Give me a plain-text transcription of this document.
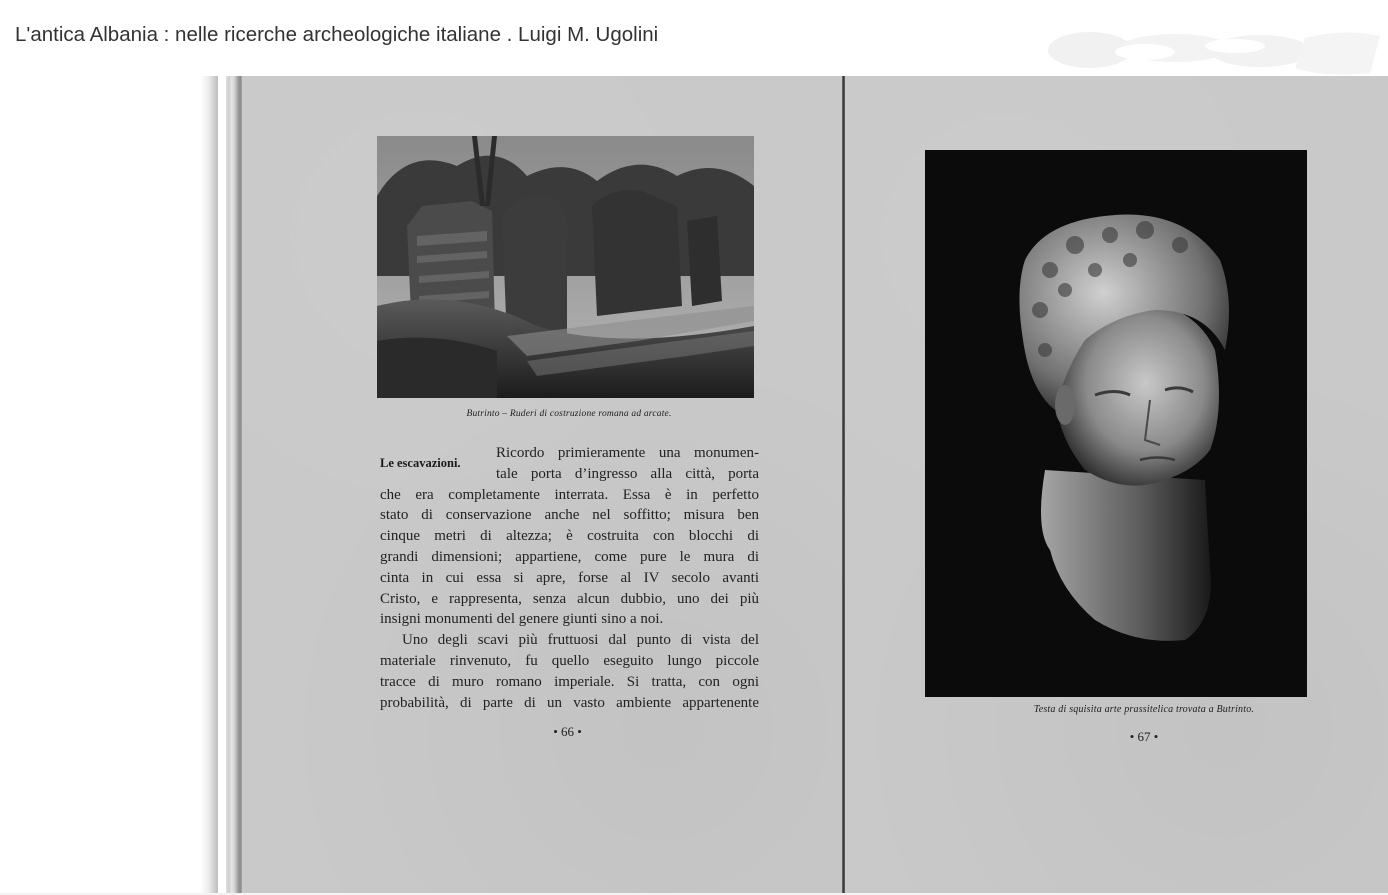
L'antica Albania : nelle ricerche archeologiche italiane . Luigi M. Ugolini
Butrinto – Ruderi di costruzione romana ad arcate.
Le escavazioni.
Ricordo primieramente una monumen-
tale porta d’ingresso alla città, porta
che era completamente interrata. Essa è in perfetto
stato di conservazione anche nel soffitto; misura ben
cinque metri di altezza; è costruita con blocchi di
grandi dimensioni; appartiene, come pure le mura di
cinta in cui essa si apre, forse al IV secolo avanti
Cristo, e rappresenta, senza alcun dubbio, uno dei più
insigni monumenti del genere giunti sino a noi.
Uno degli scavi più fruttuosi dal punto di vista del
materiale rinvenuto, fu quello eseguito lungo piccole
tracce di muro romano imperiale. Si tratta, con ogni
probabilità, di parte di un vasto ambiente appartenente
• 66 •
Testa di squisita arte prassitelica trovata a Butrinto.
• 67 •
